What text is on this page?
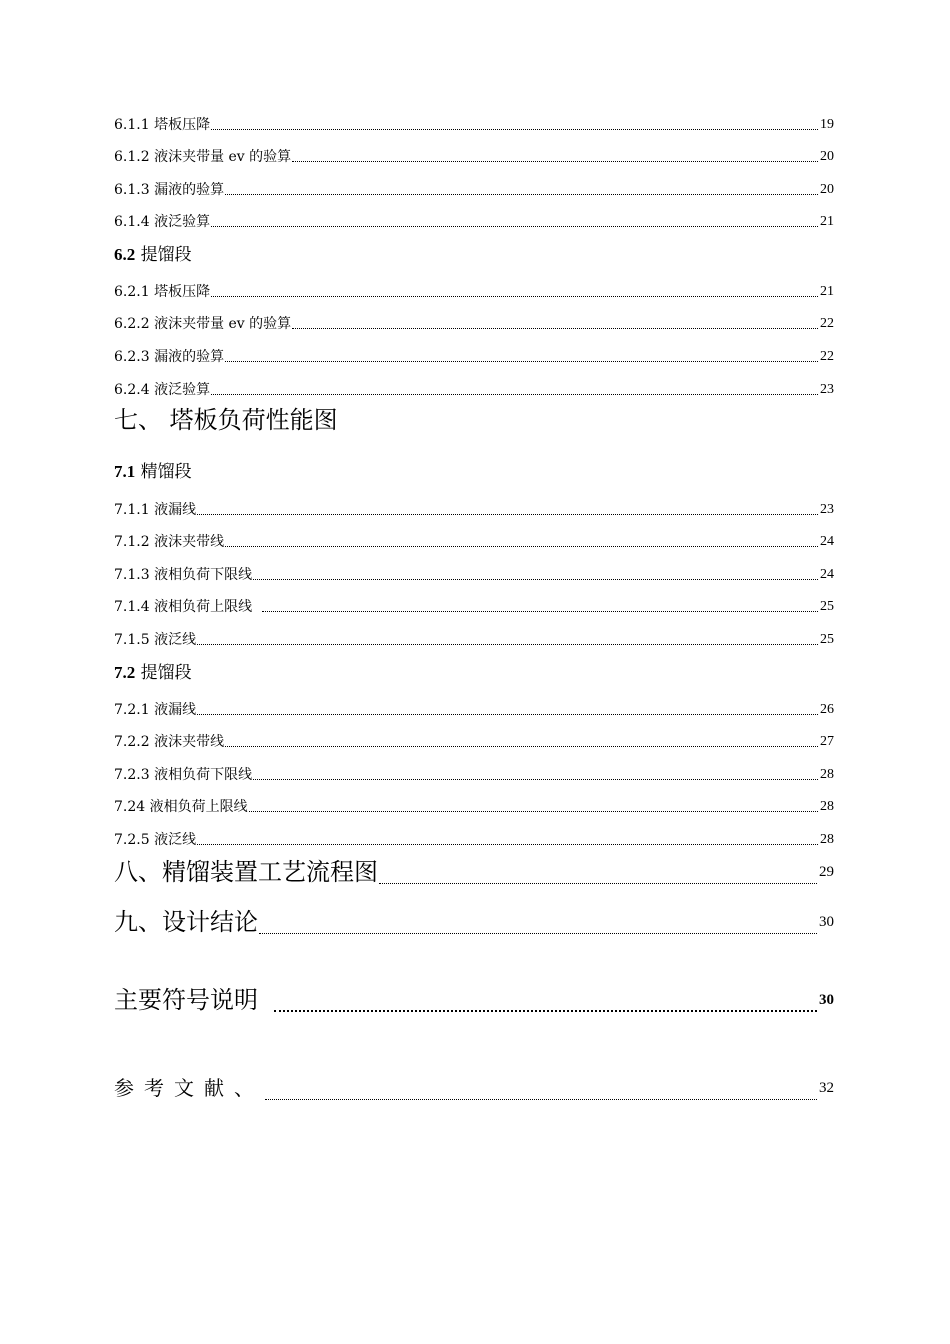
6.1.1 塔板压降	19
6.1.2 液沫夹带量 ev 的验算	20
6.1.3 漏液的验算	20
6.1.4 液泛验算	21
6.2 提馏段
6.2.1 塔板压降	21
6.2.2 液沫夹带量 ev 的验算	22
6.2.3 漏液的验算	22
6.2.4 液泛验算	23
七、 塔板负荷性能图
7.1 精馏段
7.1.1 液漏线	23
7.1.2 液沫夹带线	24
7.1.3 液相负荷下限线	24
7.1.4 液相负荷上限线	25
7.1.5 液泛线	25
7.2 提馏段
7.2.1 液漏线	26
7.2.2 液沫夹带线	27
7.2.3 液相负荷下限线	28
7.24 液相负荷上限线	28
7.2.5 液泛线	28
八、精馏装置工艺流程图	29
九、设计结论	30
主要符号说明	30
参考文献、	32
